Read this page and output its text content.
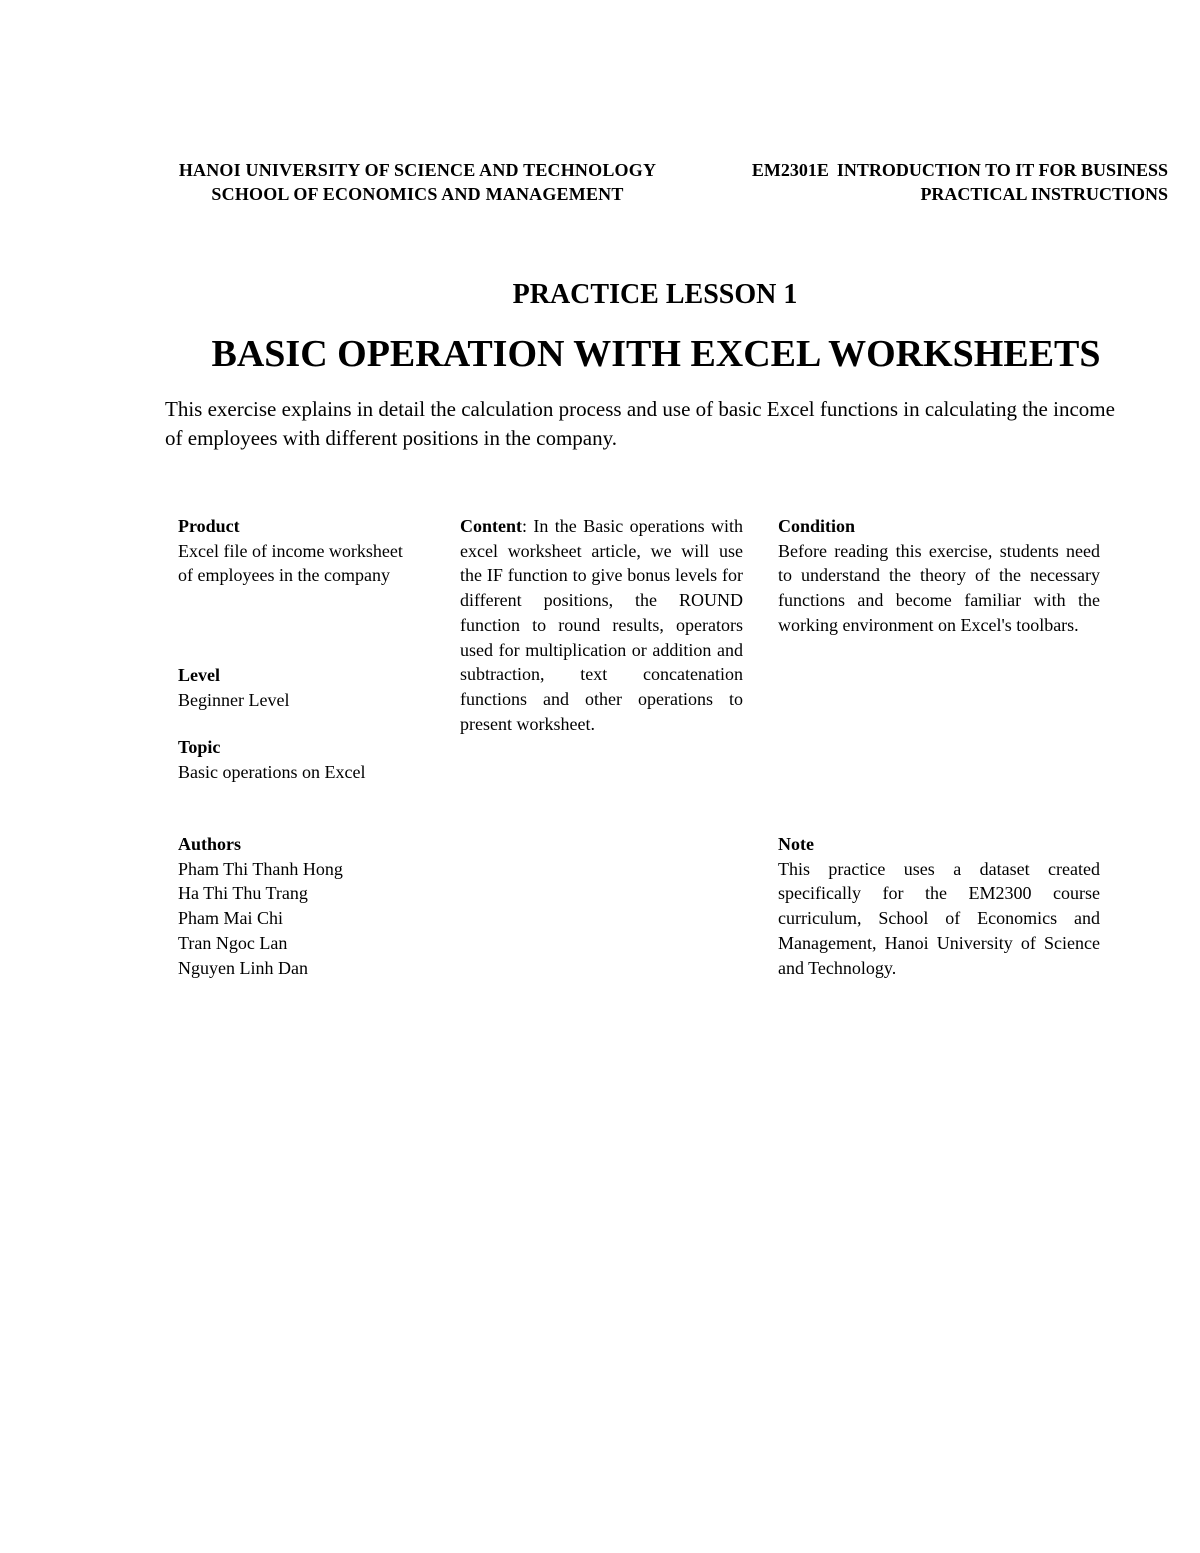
HANOI UNIVERSITY OF SCIENCE AND TECHNOLOGY
SCHOOL OF ECONOMICS AND MANAGEMENT
EM2301E INTRODUCTION TO IT FOR BUSINESS
PRACTICAL INSTRUCTIONS
PRACTICE LESSON 1
BASIC OPERATION WITH EXCEL WORKSHEETS
This exercise explains in detail the calculation process and use of basic Excel functions in calculating the income of employees with different positions in the company.
Product
Excel file of income worksheet of employees in the company
Level
Beginner Level
Topic
Basic operations on Excel
Authors
Pham Thi Thanh Hong
Ha Thi Thu Trang
Pham Mai Chi
Tran Ngoc Lan
Nguyen Linh Dan
Content: In the Basic operations with excel worksheet article, we will use the IF function to give bonus levels for different positions, the ROUND function to round results, operators used for multiplication or addition and subtraction, text concatenation functions and other operations to present worksheet.
Condition
Before reading this exercise, students need to understand the theory of the necessary functions and become familiar with the working environment on Excel's toolbars.
Note
This practice uses a dataset created specifically for the EM2300 course curriculum, School of Economics and Management, Hanoi University of Science and Technology.
